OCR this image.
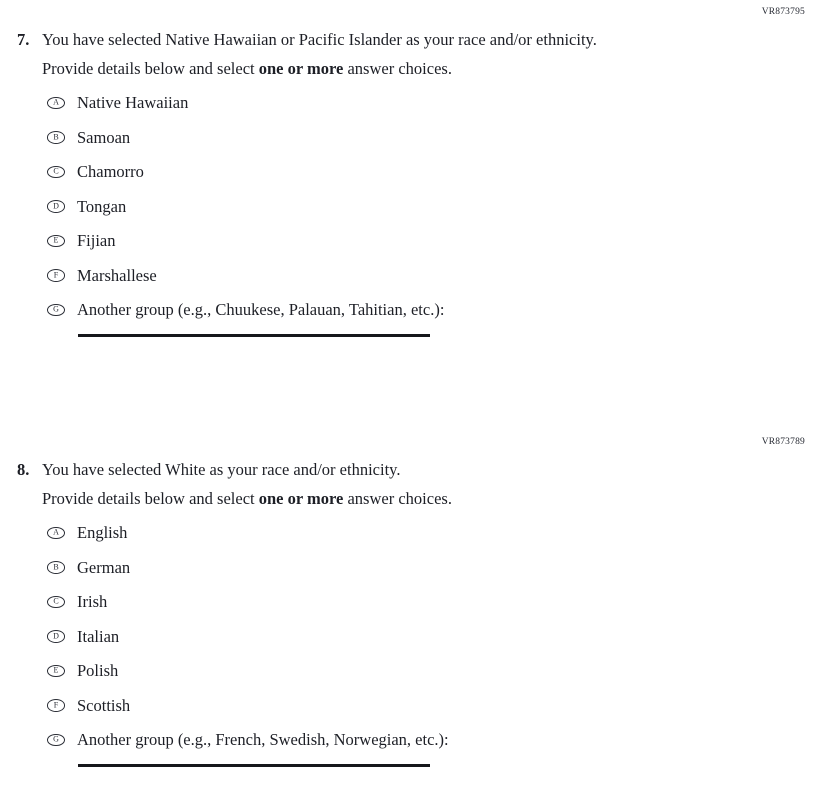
VR873795
7. You have selected Native Hawaiian or Pacific Islander as your race and/or ethnicity.
Provide details below and select one or more answer choices.
A Native Hawaiian
B Samoan
C Chamorro
D Tongan
E Fijian
F Marshallese
G Another group (e.g., Chuukese, Palauan, Tahitian, etc.):
VR873789
8. You have selected White as your race and/or ethnicity.
Provide details below and select one or more answer choices.
A English
B German
C Irish
D Italian
E Polish
F Scottish
G Another group (e.g., French, Swedish, Norwegian, etc.):
